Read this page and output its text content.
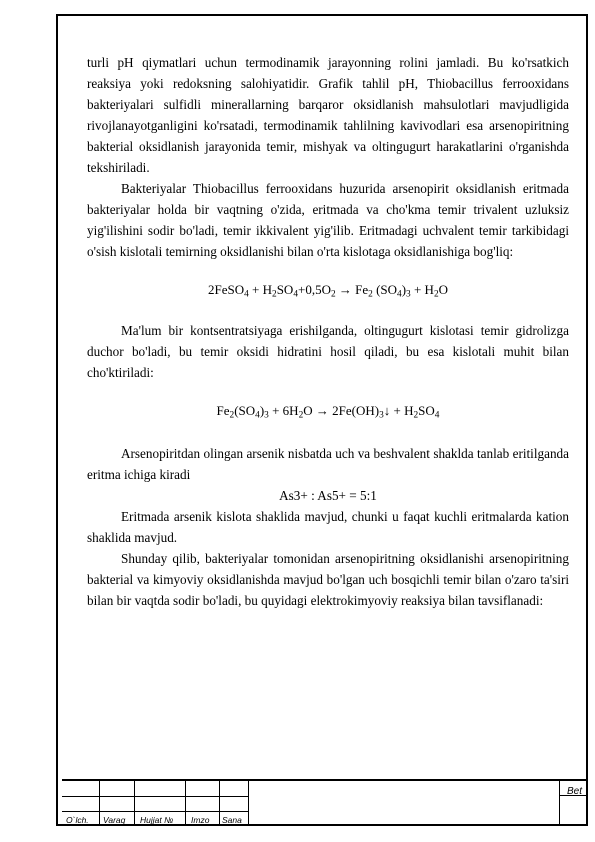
turli pH qiymatlari uchun termodinamik jarayonning rolini jamladi. Bu ko'rsatkich reaksiya yoki redoksning salohiyatidir. Grafik tahlil pH, Thiobacillus ferrooxidans bakteriyalari sulfidli minerallarning barqaror oksidlanish mahsulotlari mavjudligida rivojlanayotganligini ko'rsatadi, termodinamik tahlilning kavivodlari esa arsenopiritning bakterial oksidlanish jarayonida temir, mishyak va oltingugurt harakatlarini o'rganishda tekshiriladi.

Bakteriyalar Thiobacillus ferrooxidans huzurida arsenopirit oksidlanish eritmada bakteriyalar holda bir vaqtning o'zida, eritmada va cho'kma temir trivalent uzluksiz yig'ilishini sodir bo'ladi, temir ikkivalent yig'ilib. Eritmadagi uchvalent temir tarkibidagi o'sish kislotali temirning oksidlanishi bilan o'rta kislotaga oksidlanishiga bog'liq:

2FeSO$_4$ + $H_2SO_4+0,5O_2 \to Fe_2$ $(SO_4)_3 + H_2O$

Ma'lum bir kontsentratsiyaga erishilganda, oltingugurt kislotasi temir gidrolizga duchor bo'ladi, bu temir oksidi hidratini hosil qiladi, bu esa kislotali muhit bilan cho'ktiriladi:

$Fe_2(SO_4)_3 + 6H_2O$ → $2Fe(OH)_3↓ + H_2SO_4$

Arsenopiritdan olingan arsenik nisbatda uch va beshvalent shaklda tanlab eritilganda eritma ichiga kiradi

As3+ : As5+ = 5:1

Eritmada arsenik kislota shaklida mavjud, chunki u faqat kuchli eritmalarda kation shaklida mavjud.

Shunday qilib, bakteriyalar tomonidan arsenopiritning oksidlanishi arsenopiritning bakterial va kimyoviy oksidlanishda mavjud bo'lgan uch bosqichli temir bilan o'zaro ta'siri bilan bir vaqtda sodir bo'ladi, bu quyidagi elektrokimyoviy reaksiya bilan tavsiflanadi:

O`lch. Varaq Hujjat № Imzo Sana
Bet
